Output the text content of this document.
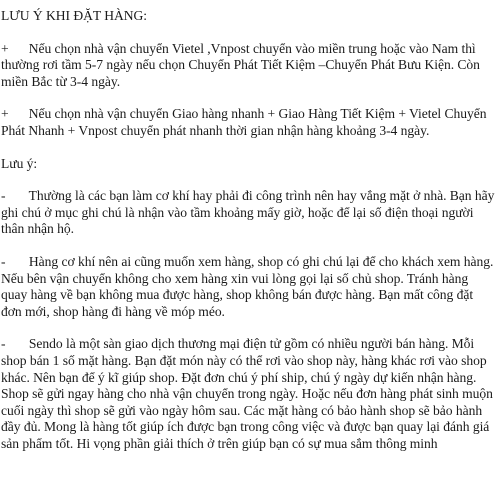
LƯU Ý KHI ĐẶT HÀNG:

+      Nếu chọn nhà vận chuyển Vietel ,Vnpost chuyển vào miền trung hoặc vào Nam thì thường rơi tầm 5-7 ngày nếu chọn Chuyển Phát Tiết Kiệm –Chuyển Phát Bưu Kiện. Còn miền Bắc từ 3-4 ngày.

+      Nếu chọn nhà vận chuyển Giao hàng nhanh + Giao Hàng Tiết Kiệm + Vietel Chuyển Phát Nhanh + Vnpost chuyển phát nhanh thời gian nhận hàng khoảng 3-4 ngày.

Lưu ý:

-       Thường là các bạn làm cơ khí hay phải đi công trình nên hay vắng mặt ở nhà. Bạn hãy ghi chú ở mục ghi chú là nhận vào tầm khoảng mấy giờ, hoặc để lại số điện thoại người thân nhận hộ.

-       Hàng cơ khí nên ai cũng muốn xem hàng, shop có ghi chú lại để cho khách xem hàng. Nếu bên vận chuyển không cho xem hàng xin vui lòng gọi lại số chủ shop. Tránh hàng quay hàng về bạn không mua được hàng, shop không bán được hàng. Bạn mất công đặt đơn mới, shop hàng đi hàng về móp méo.

-       Sendo là một sàn giao dịch thương mại điện tử gồm có nhiều người bán hàng. Mỗi shop bán 1 số mặt hàng. Bạn đặt món này có thể rơi vào shop này, hàng khác rơi vào shop khác. Nên bạn để ý kĩ giúp shop. Đặt đơn chú ý phí ship, chú ý ngày dự kiến nhận hàng. Shop sẽ gửi ngay hàng cho nhà vận chuyển trong ngày. Hoặc nếu đơn hàng phát sinh muộn cuối ngày thì shop sẽ gửi vào ngày hôm sau. Các mặt hàng có bảo hành shop sẽ bảo hành đầy đủ. Mong là hàng tốt giúp ích được bạn trong công việc và được bạn quay lại đánh giá sản phẩm tốt. Hi vọng phần giải thích ở trên giúp bạn có sự mua sắm thông minh
